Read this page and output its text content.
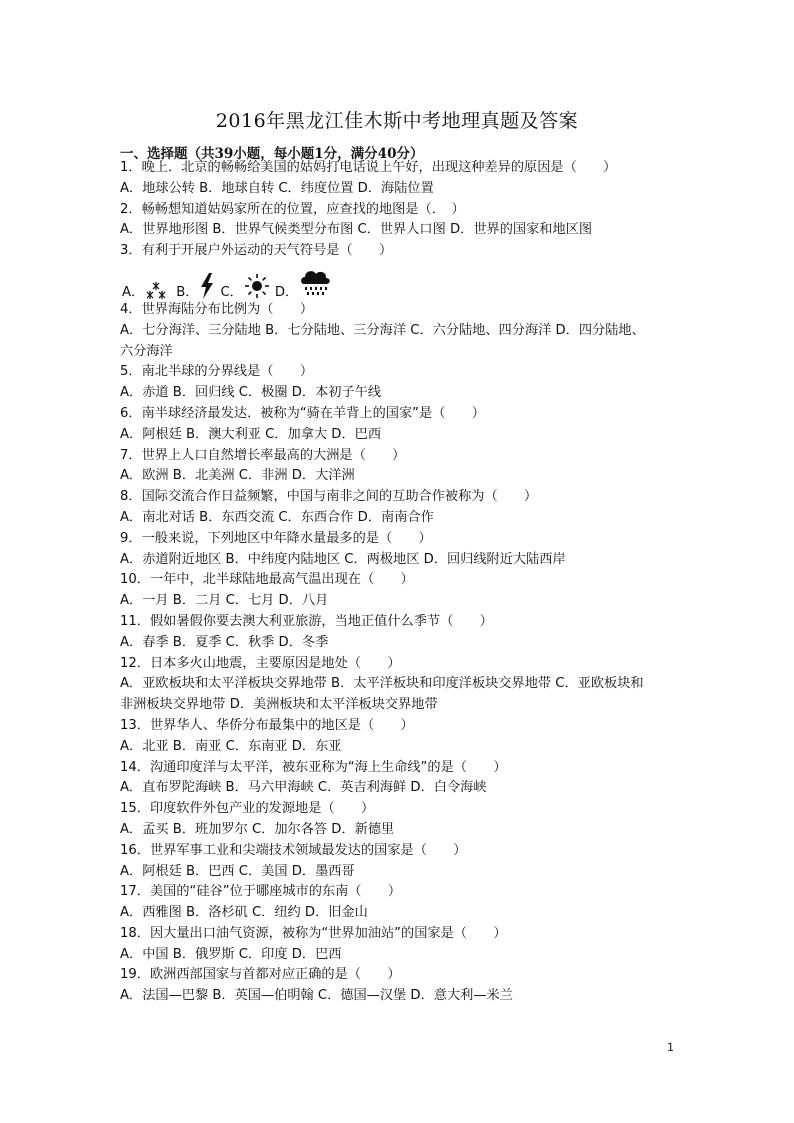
2016年黑龙江佳木斯中考地理真题及答案
一、选择题（共39小题，每小题1分，满分40分）
1．晚上．北京的畅畅给美国的姑妈打电话说上午好，出现这种差异的原因是（　　）
A．地球公转 B．地球自转 C．纬度位置 D．海陆位置
2．畅畅想知道姑妈家所在的位置，应查找的地图是（．　）
A．世界地形图 B．世界气候类型分布图 C．世界人口图 D．世界的国家和地区图
3．有利于开展户外运动的天气符号是（　　）
A． B． C． D．
4．世界海陆分布比例为（　　）
A．七分海洋、三分陆地 B．七分陆地、三分海洋 C．六分陆地、四分海洋 D．四分陆地、
六分海洋
5．南北半球的分界线是（　　）
A．赤道 B．回归线 C．极圈 D．本初子午线
6．南半球经济最发达．被称为“骑在羊背上的国家”是（　　）
A．阿根廷 B．澳大利亚 C．加拿大 D．巴西
7．世界上人口自然增长率最高的大洲是（　　）
A．欧洲 B．北美洲 C．非洲 D．大洋洲
8．国际交流合作日益频繁，中国与南非之间的互助合作被称为（　　）
A．南北对话 B．东西交流 C．东西合作 D．南南合作
9．一般来说，下列地区中年降水量最多的是（　　）
A．赤道附近地区 B．中纬度内陆地区 C．两极地区 D．回归线附近大陆西岸
10．一年中，北半球陆地最高气温出现在（　　）
A．一月 B．二月 C．七月 D．八月
11．假如暑假你要去澳大利亚旅游，当地正值什么季节（　　）
A．春季 B．夏季 C．秋季 D．冬季
12．日本多火山地震，主要原因是地处（　　）
A．亚欧板块和太平洋板块交界地带 B．太平洋板块和印度洋板块交界地带 C．亚欧板块和
非洲板块交界地带 D．美洲板块和太平洋板块交界地带
13．世界华人、华侨分布最集中的地区是（　　）
A．北亚 B．南亚 C．东南亚 D．东亚
14．沟通印度洋与太平洋，被东亚称为“海上生命线”的是（　　）
A．直布罗陀海峡 B．马六甲海峡 C．英吉利海鲜 D．白令海峡
15．印度软件外包产业的发源地是（　　）
A．孟买 B．班加罗尔 C．加尔各答 D．新德里
16．世界军事工业和尖端技术领域最发达的国家是（　　）
A．阿根廷 B．巴西 C．美国 D．墨西哥
17．美国的“硅谷”位于哪座城市的东南（　　）
A．西雅图 B．洛杉矶 C．纽约 D．旧金山
18．因大量出口油气资源，被称为“世界加油站”的国家是（　　）
A．中国 B．俄罗斯 C．印度 D．巴西
19．欧洲西部国家与首都对应正确的是（　　）
A．法国—巴黎 B．英国—伯明翰 C．德国—汉堡 D．意大利—米兰
1
